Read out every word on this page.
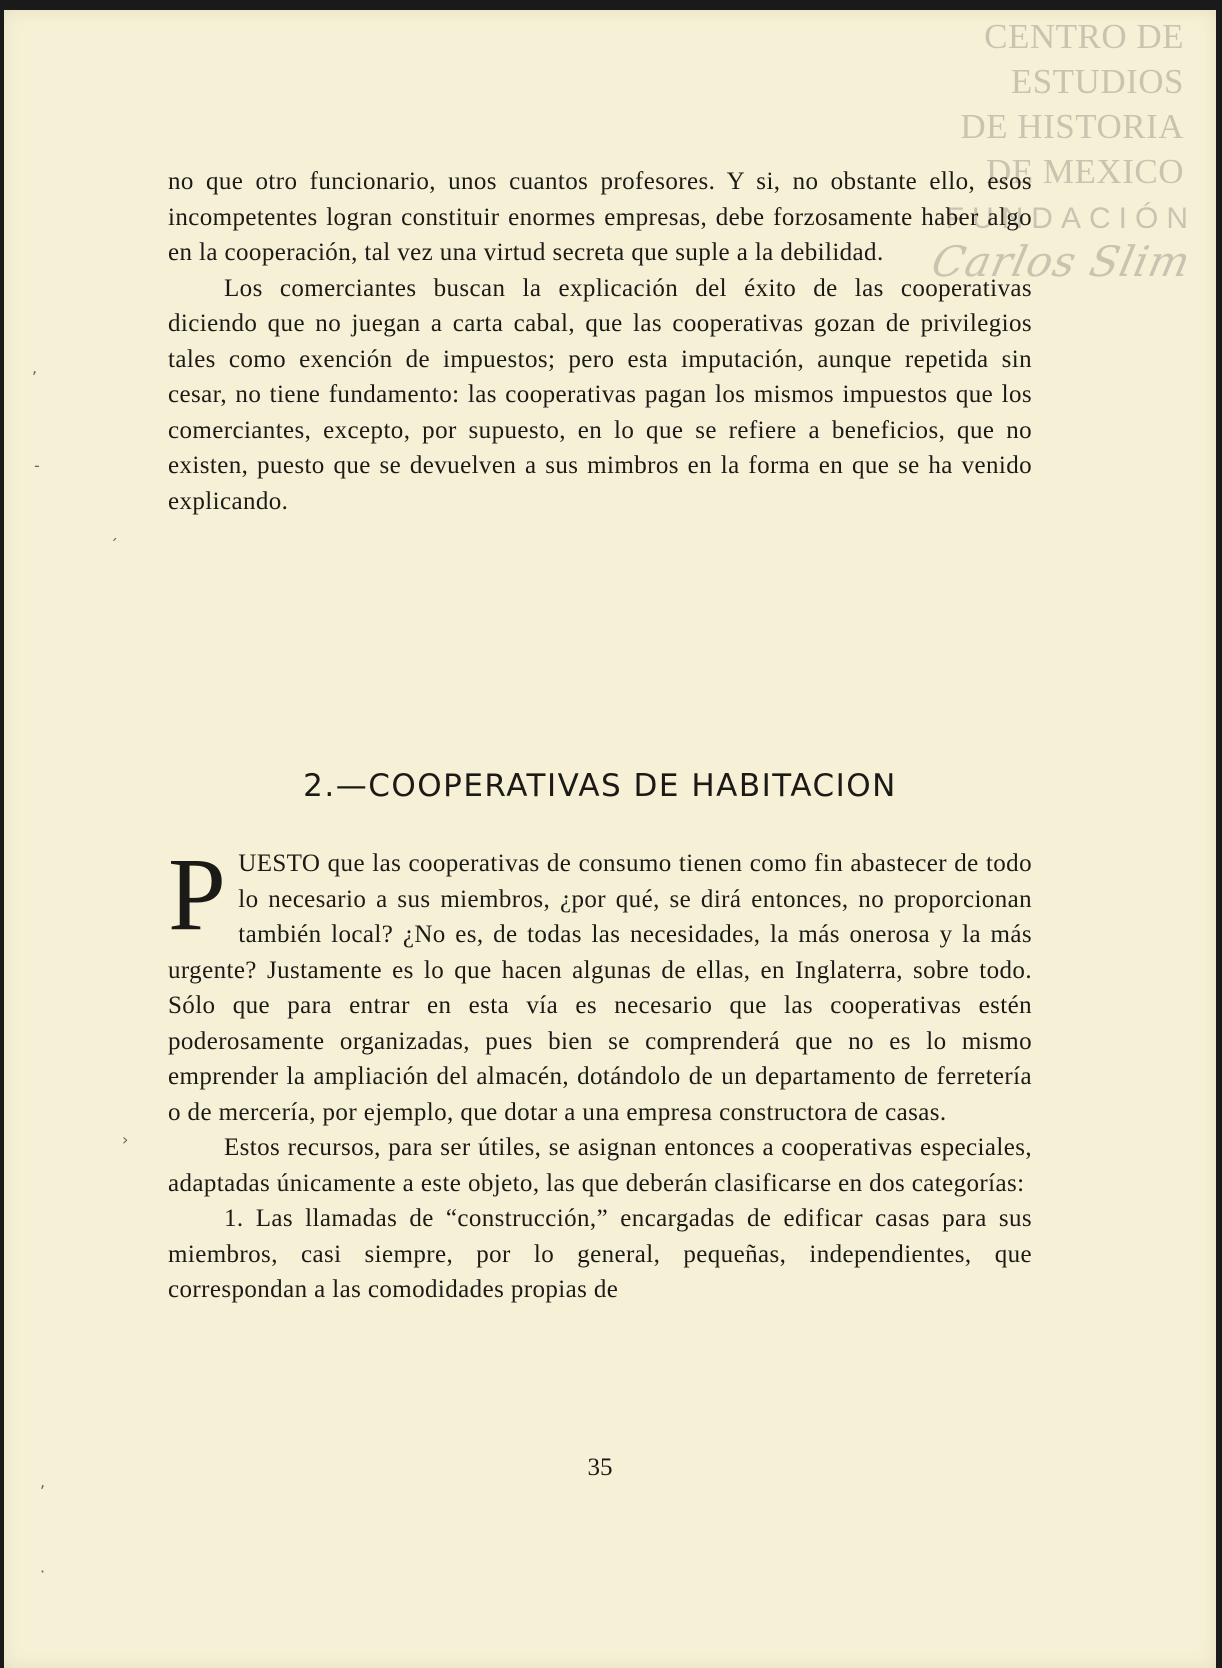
CENTRO DE
ESTUDIOS
DE HISTORIA
DE MEXICO
FUNDACIÓN
Carlos Slim

no que otro funcionario, unos cuantos profesores. Y si, no obstante ello, esos incompetentes logran constituir enormes empresas, debe forzosamente haber algo en la cooperación, tal vez una virtud secreta que suple a la debilidad.

Los comerciantes buscan la explicación del éxito de las cooperativas diciendo que no juegan a carta cabal, que las cooperativas gozan de privilegios tales como exención de impuestos; pero esta imputación, aunque repetida sin cesar, no tiene fundamento: las cooperativas pagan los mismos impuestos que los comerciantes, excepto, por supuesto, en lo que se refiere a beneficios, que no existen, puesto que se devuelven a sus mimbros en la forma en que se ha venido explicando.

2.—COOPERATIVAS DE HABITACION

PUESTO que las cooperativas de consumo tienen como fin abastecer de todo lo necesario a sus miembros, ¿por qué, se dirá entonces, no proporcionan también local? ¿No es, de todas las necesidades, la más onerosa y la más urgente? Justamente es lo que hacen algunas de ellas, en Inglaterra, sobre todo. Sólo que para entrar en esta vía es necesario que las cooperativas estén poderosamente organizadas, pues bien se comprenderá que no es lo mismo emprender la ampliación del almacén, dotándolo de un departamento de ferretería o de mercería, por ejemplo, que dotar a una empresa constructora de casas.

Estos recursos, para ser útiles, se asignan entonces a cooperativas especiales, adaptadas únicamente a este objeto, las que deberán clasificarse en dos categorías:

1. Las llamadas de “construcción,” encargadas de edificar casas para sus miembros, casi siempre, por lo general, pequeñas, independientes, que correspondan a las comodidades propias de

35
,
-
ˊ
›
,
·
